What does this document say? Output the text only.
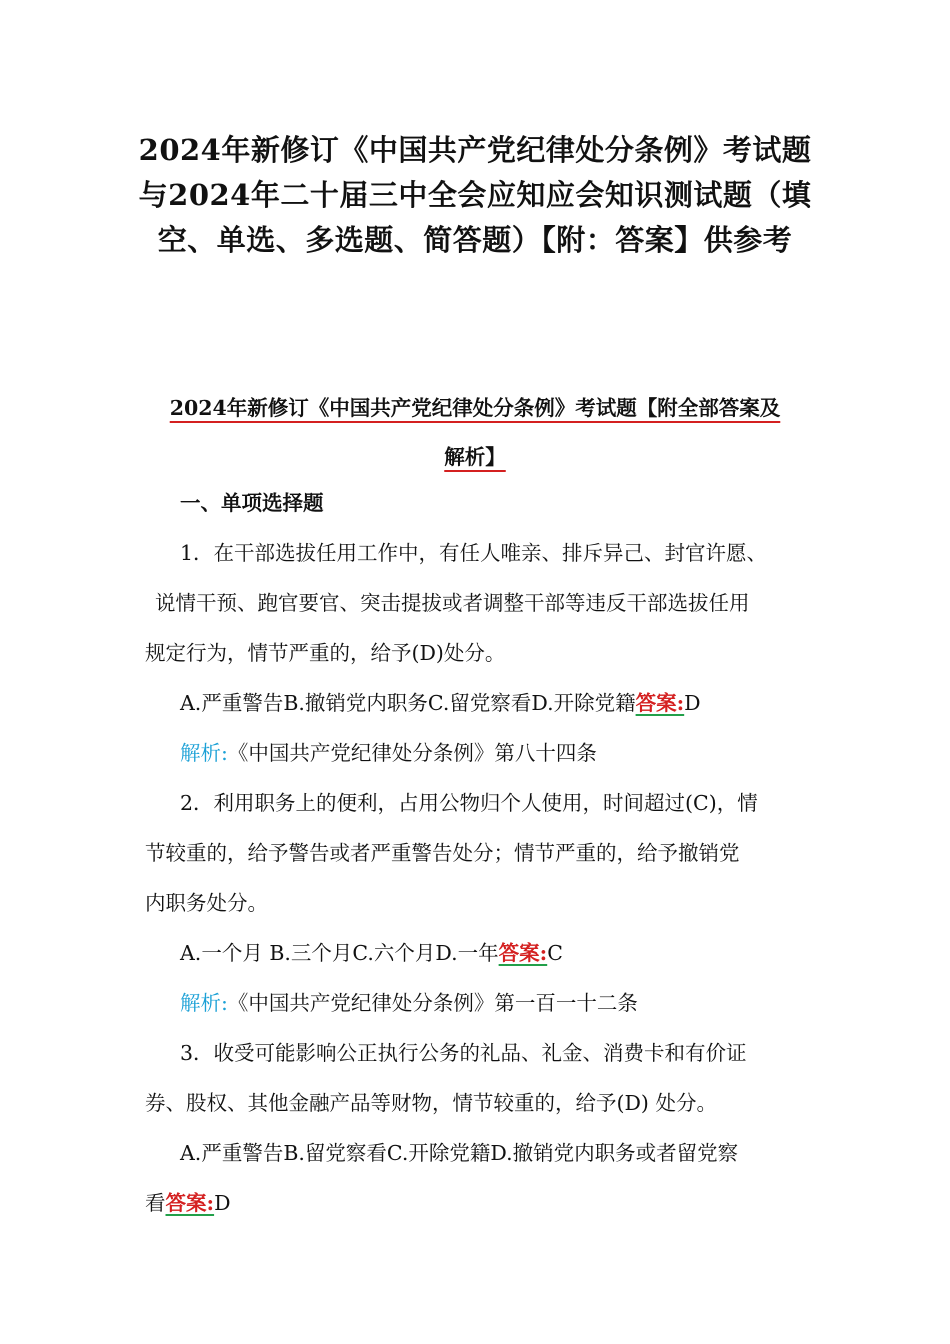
2024年新修订《中国共产党纪律处分条例》考试题
与2024年二十届三中全会应知应会知识测试题（填
空、单选、多选题、简答题）【附：答案】供参考
2024年新修订《中国共产党纪律处分条例》考试题【附全部答案及
解析】
一、单项选择题
1．在干部选拔任用工作中，有任人唯亲、排斥异己、封官许愿、
说情干预、跑官要官、突击提拔或者调整干部等违反干部选拔任用
规定行为，情节严重的，给予(D)处分。
A.严重警告B.撤销党内职务C.留党察看D.开除党籍答案:D
解析:《中国共产党纪律处分条例》第八十四条
2．利用职务上的便利，占用公物归个人使用，时间超过(C)，情
节较重的，给予警告或者严重警告处分；情节严重的，给予撤销党
内职务处分。
A.一个月 B.三个月C.六个月D.一年答案:C
解析:《中国共产党纪律处分条例》第一百一十二条
3．收受可能影响公正执行公务的礼品、礼金、消费卡和有价证
券、股权、其他金融产品等财物，情节较重的，给予(D) 处分。
A.严重警告B.留党察看C.开除党籍D.撤销党内职务或者留党察
看答案:D
